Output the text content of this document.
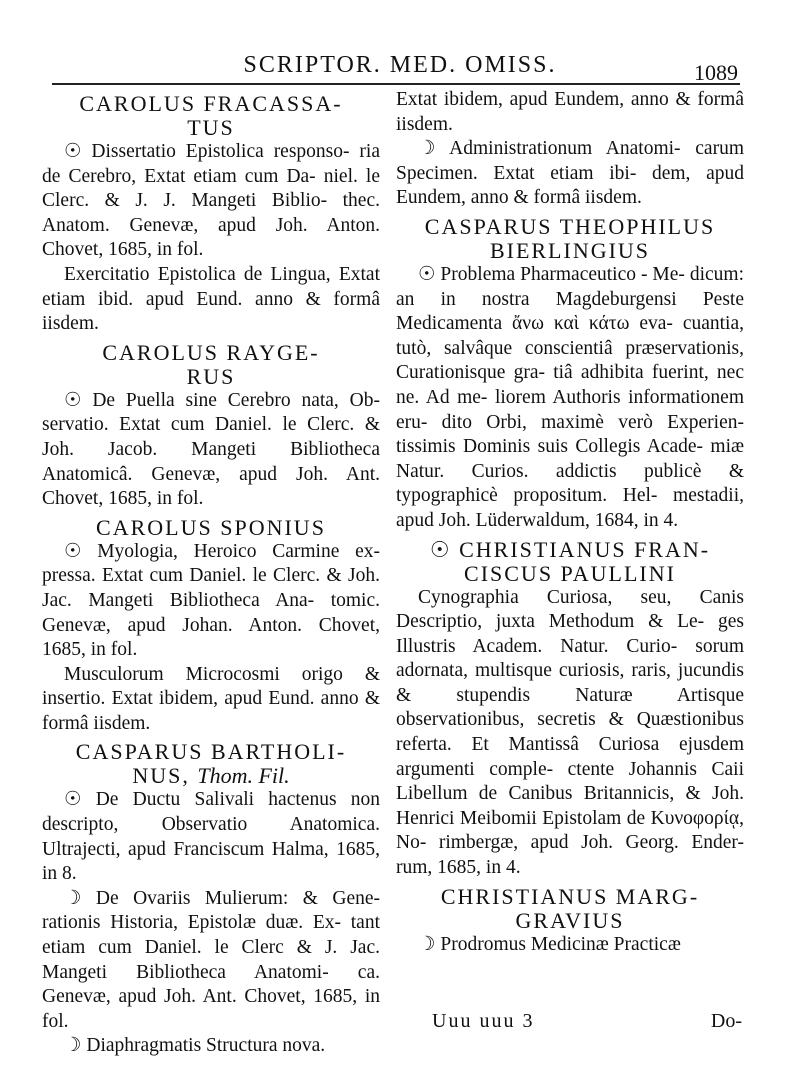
SCRIPTOR. MED. OMISS.	1089
CAROLUS FRACASSA-
TUS
☉ Dissertatio Epistolica responso- ria de Cerebro, Extat etiam cum Da- niel. le Clerc. & J. J. Mangeti Biblio- thec. Anatom. Genevæ, apud Joh. Anton. Chovet, 1685, in fol.
Exercitatio Epistolica de Lingua, Extat etiam ibid. apud Eund. anno & formâ iisdem.
CAROLUS RAYGE-
RUS
☉ De Puella sine Cerebro nata, Ob- servatio. Extat cum Daniel. le Clerc. & Joh. Jacob. Mangeti Bibliotheca Anatomicâ. Genevæ, apud Joh. Ant. Chovet, 1685, in fol.
CAROLUS SPONIUS
☉ Myologia, Heroico Carmine ex- pressa. Extat cum Daniel. le Clerc. & Joh. Jac. Mangeti Bibliotheca Ana- tomic. Genevæ, apud Johan. Anton. Chovet, 1685, in fol.
Musculorum Microcosmi origo & insertio. Extat ibidem, apud Eund. anno & formâ iisdem.
CASPARUS BARTHOLI-
NUS, Thom. Fil.
☉ De Ductu Salivali hactenus non descripto, Observatio Anatomica. Ultrajecti, apud Franciscum Halma, 1685, in 8.
☽ De Ovariis Mulierum: & Gene- rationis Historia, Epistolæ duæ. Ex- tant etiam cum Daniel. le Clerc & J. Jac. Mangeti Bibliotheca Anatomi- ca. Genevæ, apud Joh. Ant. Chovet, 1685, in fol.
☽ Diaphragmatis Structura nova.
Extat ibidem, apud Eundem, anno & formâ iisdem.
☽ Administrationum Anatomi- carum Specimen. Extat etiam ibi- dem, apud Eundem, anno & formâ iisdem.
CASPARUS THEOPHILUS
BIERLINGIUS
☉ Problema Pharmaceutico - Me- dicum: an in nostra Magdeburgensi Peste Medicamenta ἄνω καὶ κάτω eva- cuantia, tutò, salvâque conscientiâ præservationis, Curationisque gra- tiâ adhibita fuerint, nec ne. Ad me- liorem Authoris informationem eru- dito Orbi, maximè verò Experien- tissimis Dominis suis Collegis Acade- miæ Natur. Curios. addictis publicè & typographicè propositum. Hel- mestadii, apud Joh. Lüderwaldum, 1684, in 4.
☉ CHRISTIANUS FRAN-
CISCUS PAULLINI
Cynographia Curiosa, seu, Canis Descriptio, juxta Methodum & Le- ges Illustris Academ. Natur. Curio- sorum adornata, multisque curiosis, raris, jucundis & stupendis Naturæ Artisque observationibus, secretis & Quæstionibus referta. Et Mantissâ Curiosa ejusdem argumenti comple- ctente Johannis Caii Libellum de Canibus Britannicis, & Joh. Henrici Meibomii Epistolam de Κυνοφορίᾳ, No- rimbergæ, apud Joh. Georg. Ender- rum, 1685, in 4.
CHRISTIANUS MARG-
GRAVIUS
☽ Prodromus Medicinæ Practicæ
Uuu uuu 3	Do-
